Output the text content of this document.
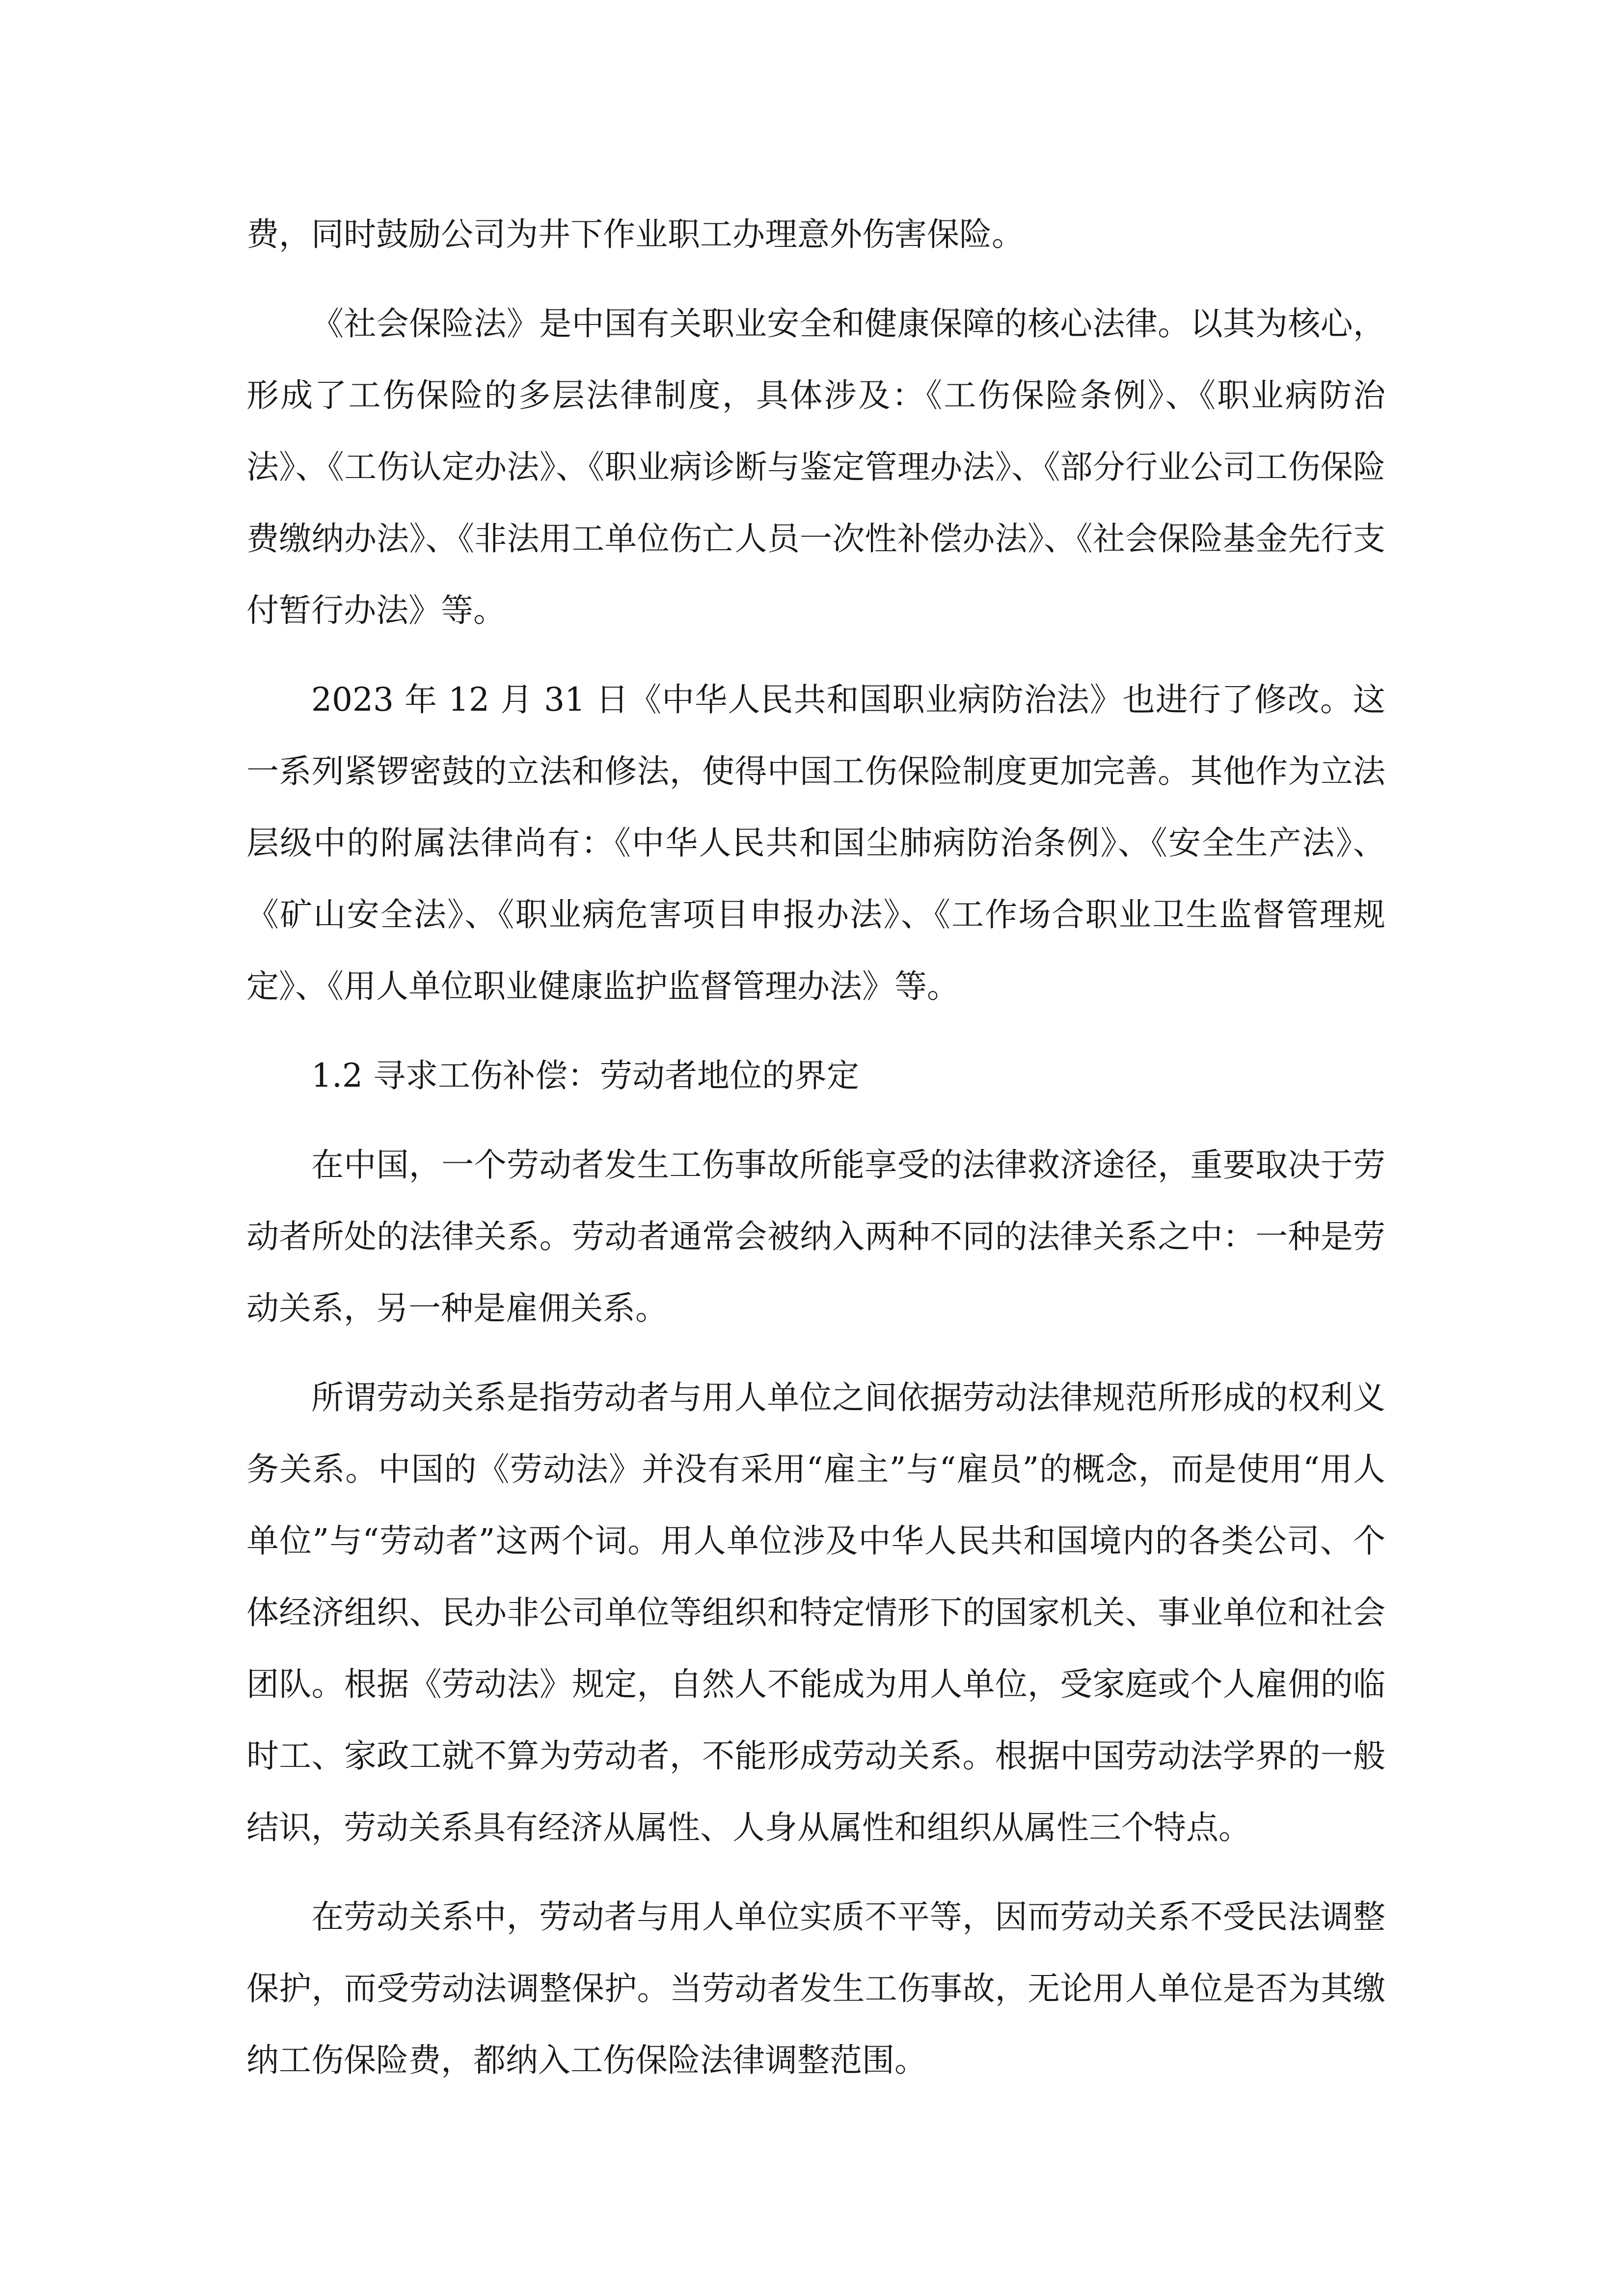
费，同时鼓励公司为井下作业职工办理意外伤害保险。

《社会保险法》是中国有关职业安全和健康保障的核心法律。以其为核心，形成了工伤保险的多层法律制度，具体涉及：《工伤保险条例》、《职业病防治法》、《工伤认定办法》、《职业病诊断与鉴定管理办法》、《部分行业公司工伤保险费缴纳办法》、《非法用工单位伤亡人员一次性补偿办法》、《社会保险基金先行支付暂行办法》等。

2023 年 12 月 31 日《中华人民共和国职业病防治法》也进行了修改。这一系列紧锣密鼓的立法和修法，使得中国工伤保险制度更加完善。其他作为立法层级中的附属法律尚有：《中华人民共和国尘肺病防治条例》、《安全生产法》、《矿山安全法》、《职业病危害项目申报办法》、《工作场合职业卫生监督管理规定》、《用人单位职业健康监护监督管理办法》等。

1.2 寻求工伤补偿：劳动者地位的界定

在中国，一个劳动者发生工伤事故所能享受的法律救济途径，重要取决于劳动者所处的法律关系。劳动者通常会被纳入两种不同的法律关系之中：一种是劳动关系，另一种是雇佣关系。

所谓劳动关系是指劳动者与用人单位之间依据劳动法律规范所形成的权利义务关系。中国的《劳动法》并没有采用“雇主”与“雇员”的概念，而是使用“用人单位”与“劳动者”这两个词。用人单位涉及中华人民共和国境内的各类公司、个体经济组织、民办非公司单位等组织和特定情形下的国家机关、事业单位和社会团队。根据《劳动法》规定，自然人不能成为用人单位，受家庭或个人雇佣的临时工、家政工就不算为劳动者，不能形成劳动关系。根据中国劳动法学界的一般结识，劳动关系具有经济从属性、人身从属性和组织从属性三个特点。

在劳动关系中，劳动者与用人单位实质不平等，因而劳动关系不受民法调整保护，而受劳动法调整保护。当劳动者发生工伤事故，无论用人单位是否为其缴纳工伤保险费，都纳入工伤保险法律调整范围。
